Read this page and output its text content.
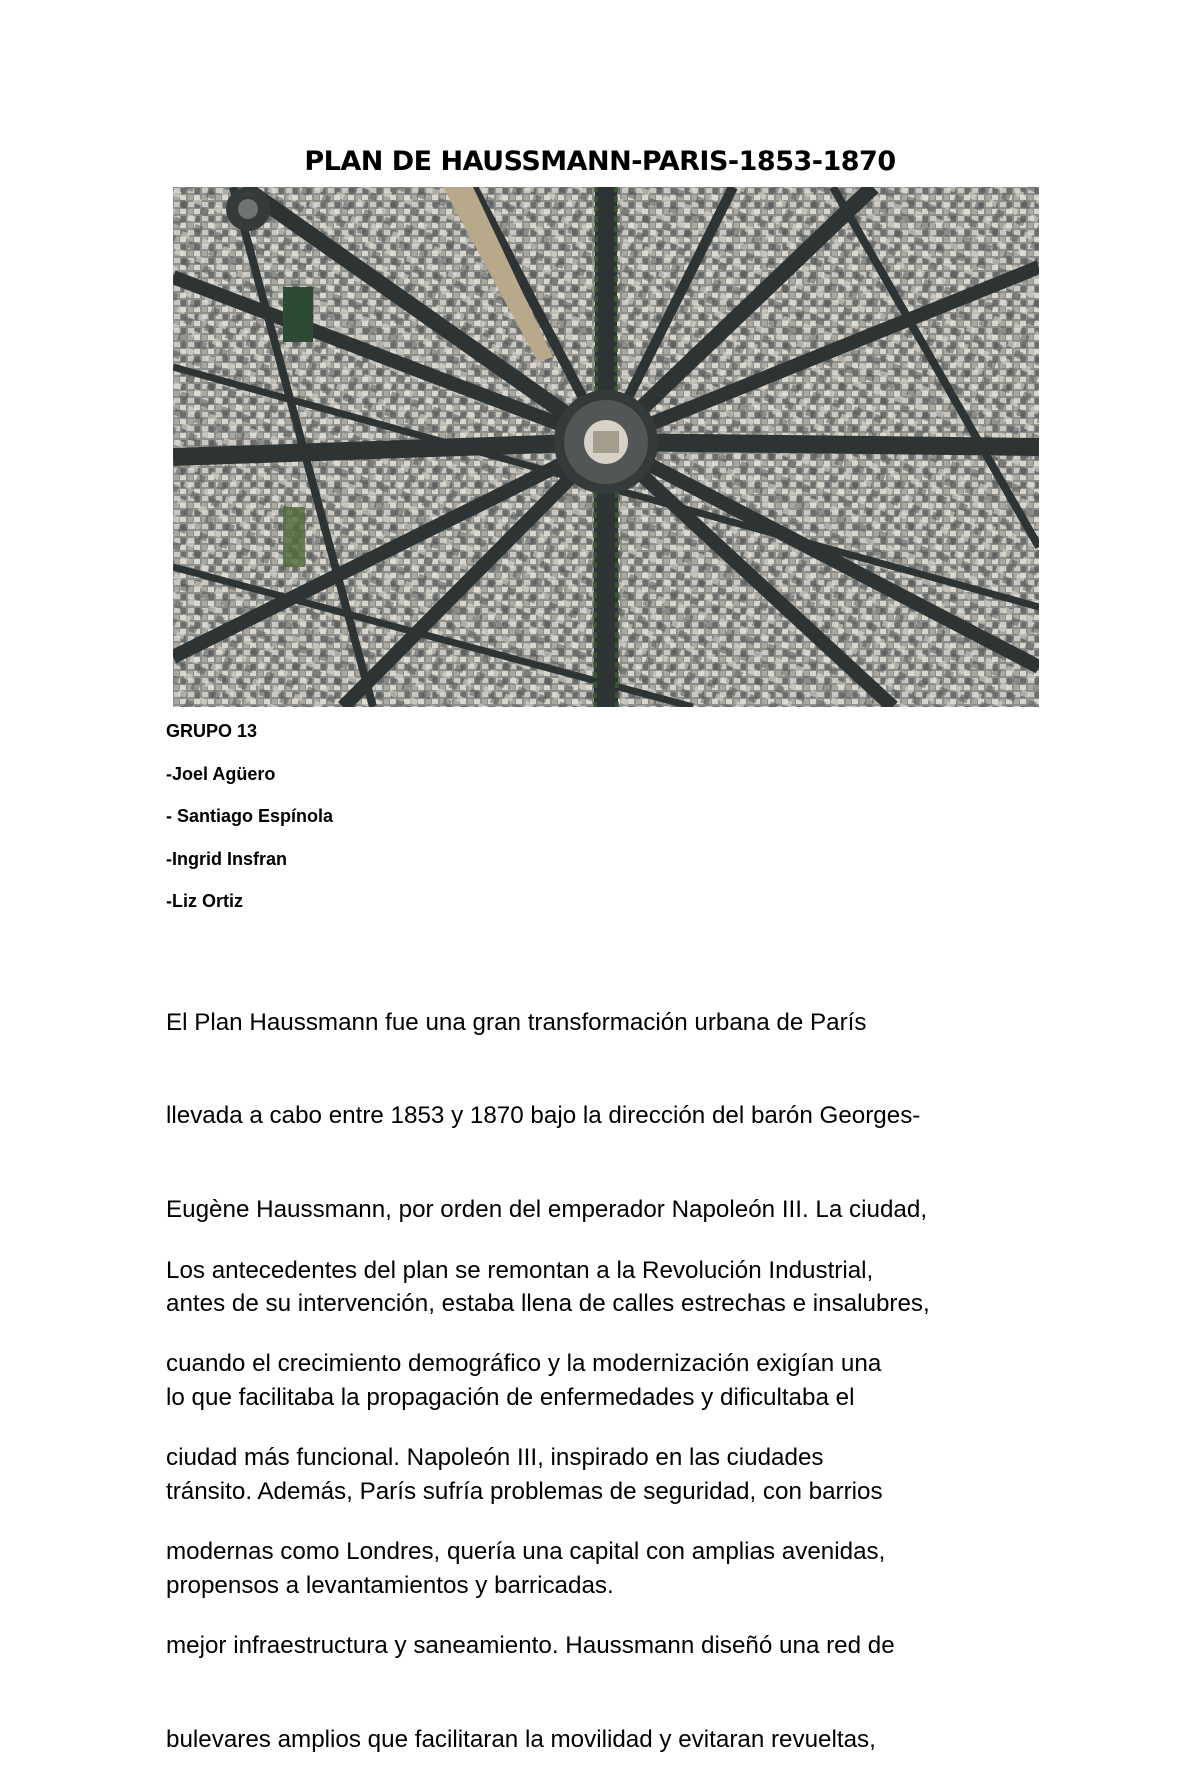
PLAN DE HAUSSMANN-PARIS-1853-1870
GRUPO 13
-Joel Agüero
- Santiago Espínola
-Ingrid Insfran
-Liz Ortiz

El Plan Haussmann fue una gran transformación urbana de París

llevada a cabo entre 1853 y 1870 bajo la dirección del barón Georges-

Eugène Haussmann, por orden del emperador Napoleón III. La ciudad,

antes de su intervención, estaba llena de calles estrechas e insalubres,

lo que facilitaba la propagación de enfermedades y dificultaba el

tránsito. Además, París sufría problemas de seguridad, con barrios

propensos a levantamientos y barricadas.

Los antecedentes del plan se remontan a la Revolución Industrial,

cuando el crecimiento demográfico y la modernización exigían una

ciudad más funcional. Napoleón III, inspirado en las ciudades

modernas como Londres, quería una capital con amplias avenidas,

mejor infraestructura y saneamiento. Haussmann diseñó una red de

bulevares amplios que facilitaran la movilidad y evitaran revueltas,
